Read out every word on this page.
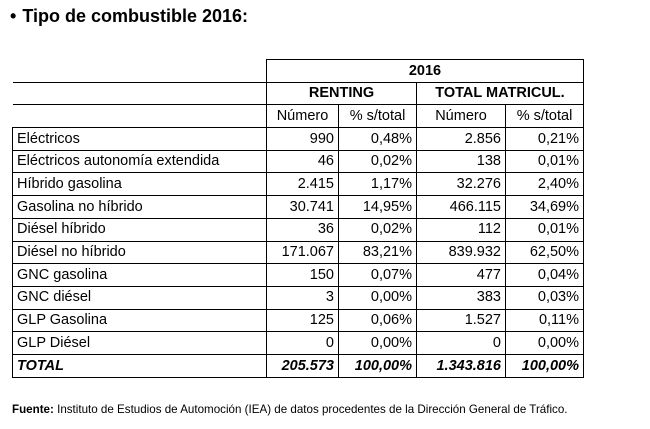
• Tipo de combustible 2016:
	2016			
	RENTING		TOTAL MATRICUL.	
	Número	% s/total	Número	% s/total
Eléctricos	990	0,48%	2.856	0,21%
Eléctricos autonomía extendida	46	0,02%	138	0,01%
Híbrido gasolina	2.415	1,17%	32.276	2,40%
Gasolina no híbrido	30.741	14,95%	466.115	34,69%
Diésel híbrido	36	0,02%	112	0,01%
Diésel no híbrido	171.067	83,21%	839.932	62,50%
GNC gasolina	150	0,07%	477	0,04%
GNC diésel	3	0,00%	383	0,03%
GLP Gasolina	125	0,06%	1.527	0,11%
GLP Diésel	0	0,00%	0	0,00%
TOTAL	205.573	100,00%	1.343.816	100,00%
Fuente: Instituto de Estudios de Automoción (IEA) de datos procedentes de la Dirección General de Tráfico.
